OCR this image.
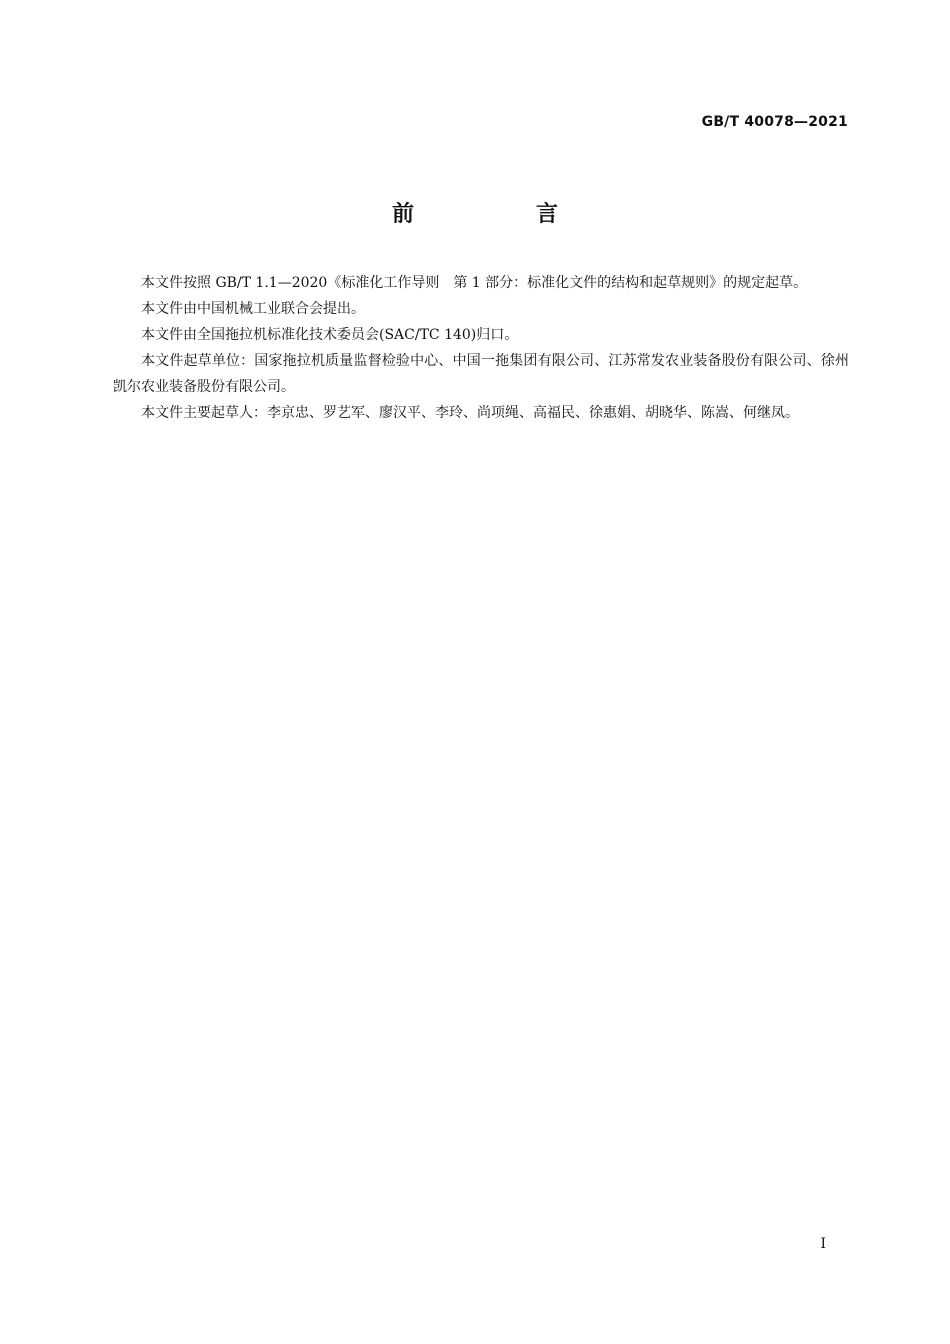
GB/T 40078—2021
前　言

本文件按照 GB/T 1.1—2020《标准化工作导则　第 1 部分：标准化文件的结构和起草规则》的规定起草。

本文件由中国机械工业联合会提出。

本文件由全国拖拉机标准化技术委员会(SAC/TC 140)归口。

本文件起草单位：国家拖拉机质量监督检验中心、中国一拖集团有限公司、江苏常发农业装备股份有限公司、徐州凯尔农业装备股份有限公司。

本文件主要起草人：李京忠、罗艺军、廖汉平、李玲、尚项绳、高福民、徐惠娟、胡晓华、陈嵩、何继凤。

I
